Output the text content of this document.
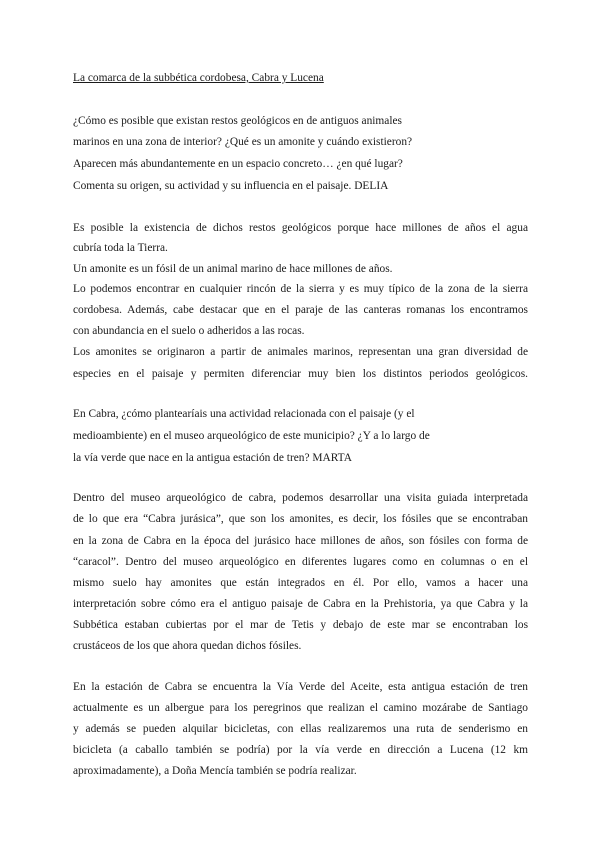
La comarca de la subbética cordobesa, Cabra y Lucena
¿Cómo es posible que existan restos geológicos en de antiguos animales
marinos en una zona de interior? ¿Qué es un amonite y cuándo existieron?
Aparecen más abundantemente en un espacio concreto… ¿en qué lugar?
Comenta su origen, su actividad y su influencia en el paisaje. DELIA
Es posible la existencia de dichos restos geológicos porque hace millones de años el agua
cubría toda la Tierra.
Un amonite es un fósil de un animal marino de hace millones de años.
Lo podemos encontrar en cualquier rincón de la sierra y es muy típico de la zona de la sierra
cordobesa. Además, cabe destacar que en el paraje de las canteras romanas los encontramos
con abundancia en el suelo o adheridos a las rocas.
Los amonites se originaron a partir de animales marinos, representan una gran diversidad de
especies en el paisaje y permiten diferenciar muy bien los distintos periodos geológicos.
En Cabra, ¿cómo plantearíais una actividad relacionada con el paisaje (y el
medioambiente) en el museo arqueológico de este municipio? ¿Y a lo largo de
la vía verde que nace en la antigua estación de tren? MARTA
Dentro del museo arqueológico de cabra, podemos desarrollar una visita guiada interpretada
de lo que era “Cabra jurásica”, que son los amonites, es decir, los fósiles que se encontraban
en la zona de Cabra en la época del jurásico hace millones de años, son fósiles con forma de
“caracol”. Dentro del museo arqueológico en diferentes lugares como en columnas o en el
mismo suelo hay amonites que están integrados en él. Por ello, vamos a hacer una
interpretación sobre cómo era el antiguo paisaje de Cabra en la Prehistoria, ya que Cabra y la
Subbética estaban cubiertas por el mar de Tetis y debajo de este mar se encontraban los
crustáceos de los que ahora quedan dichos fósiles.
En la estación de Cabra se encuentra la Vía Verde del Aceite, esta antigua estación de tren
actualmente es un albergue para los peregrinos que realizan el camino mozárabe de Santiago
y además se pueden alquilar bicicletas, con ellas realizaremos una ruta de senderismo en
bicicleta (a caballo también se podría) por la vía verde en dirección a Lucena (12 km
aproximadamente), a Doña Mencía también se podría realizar.
